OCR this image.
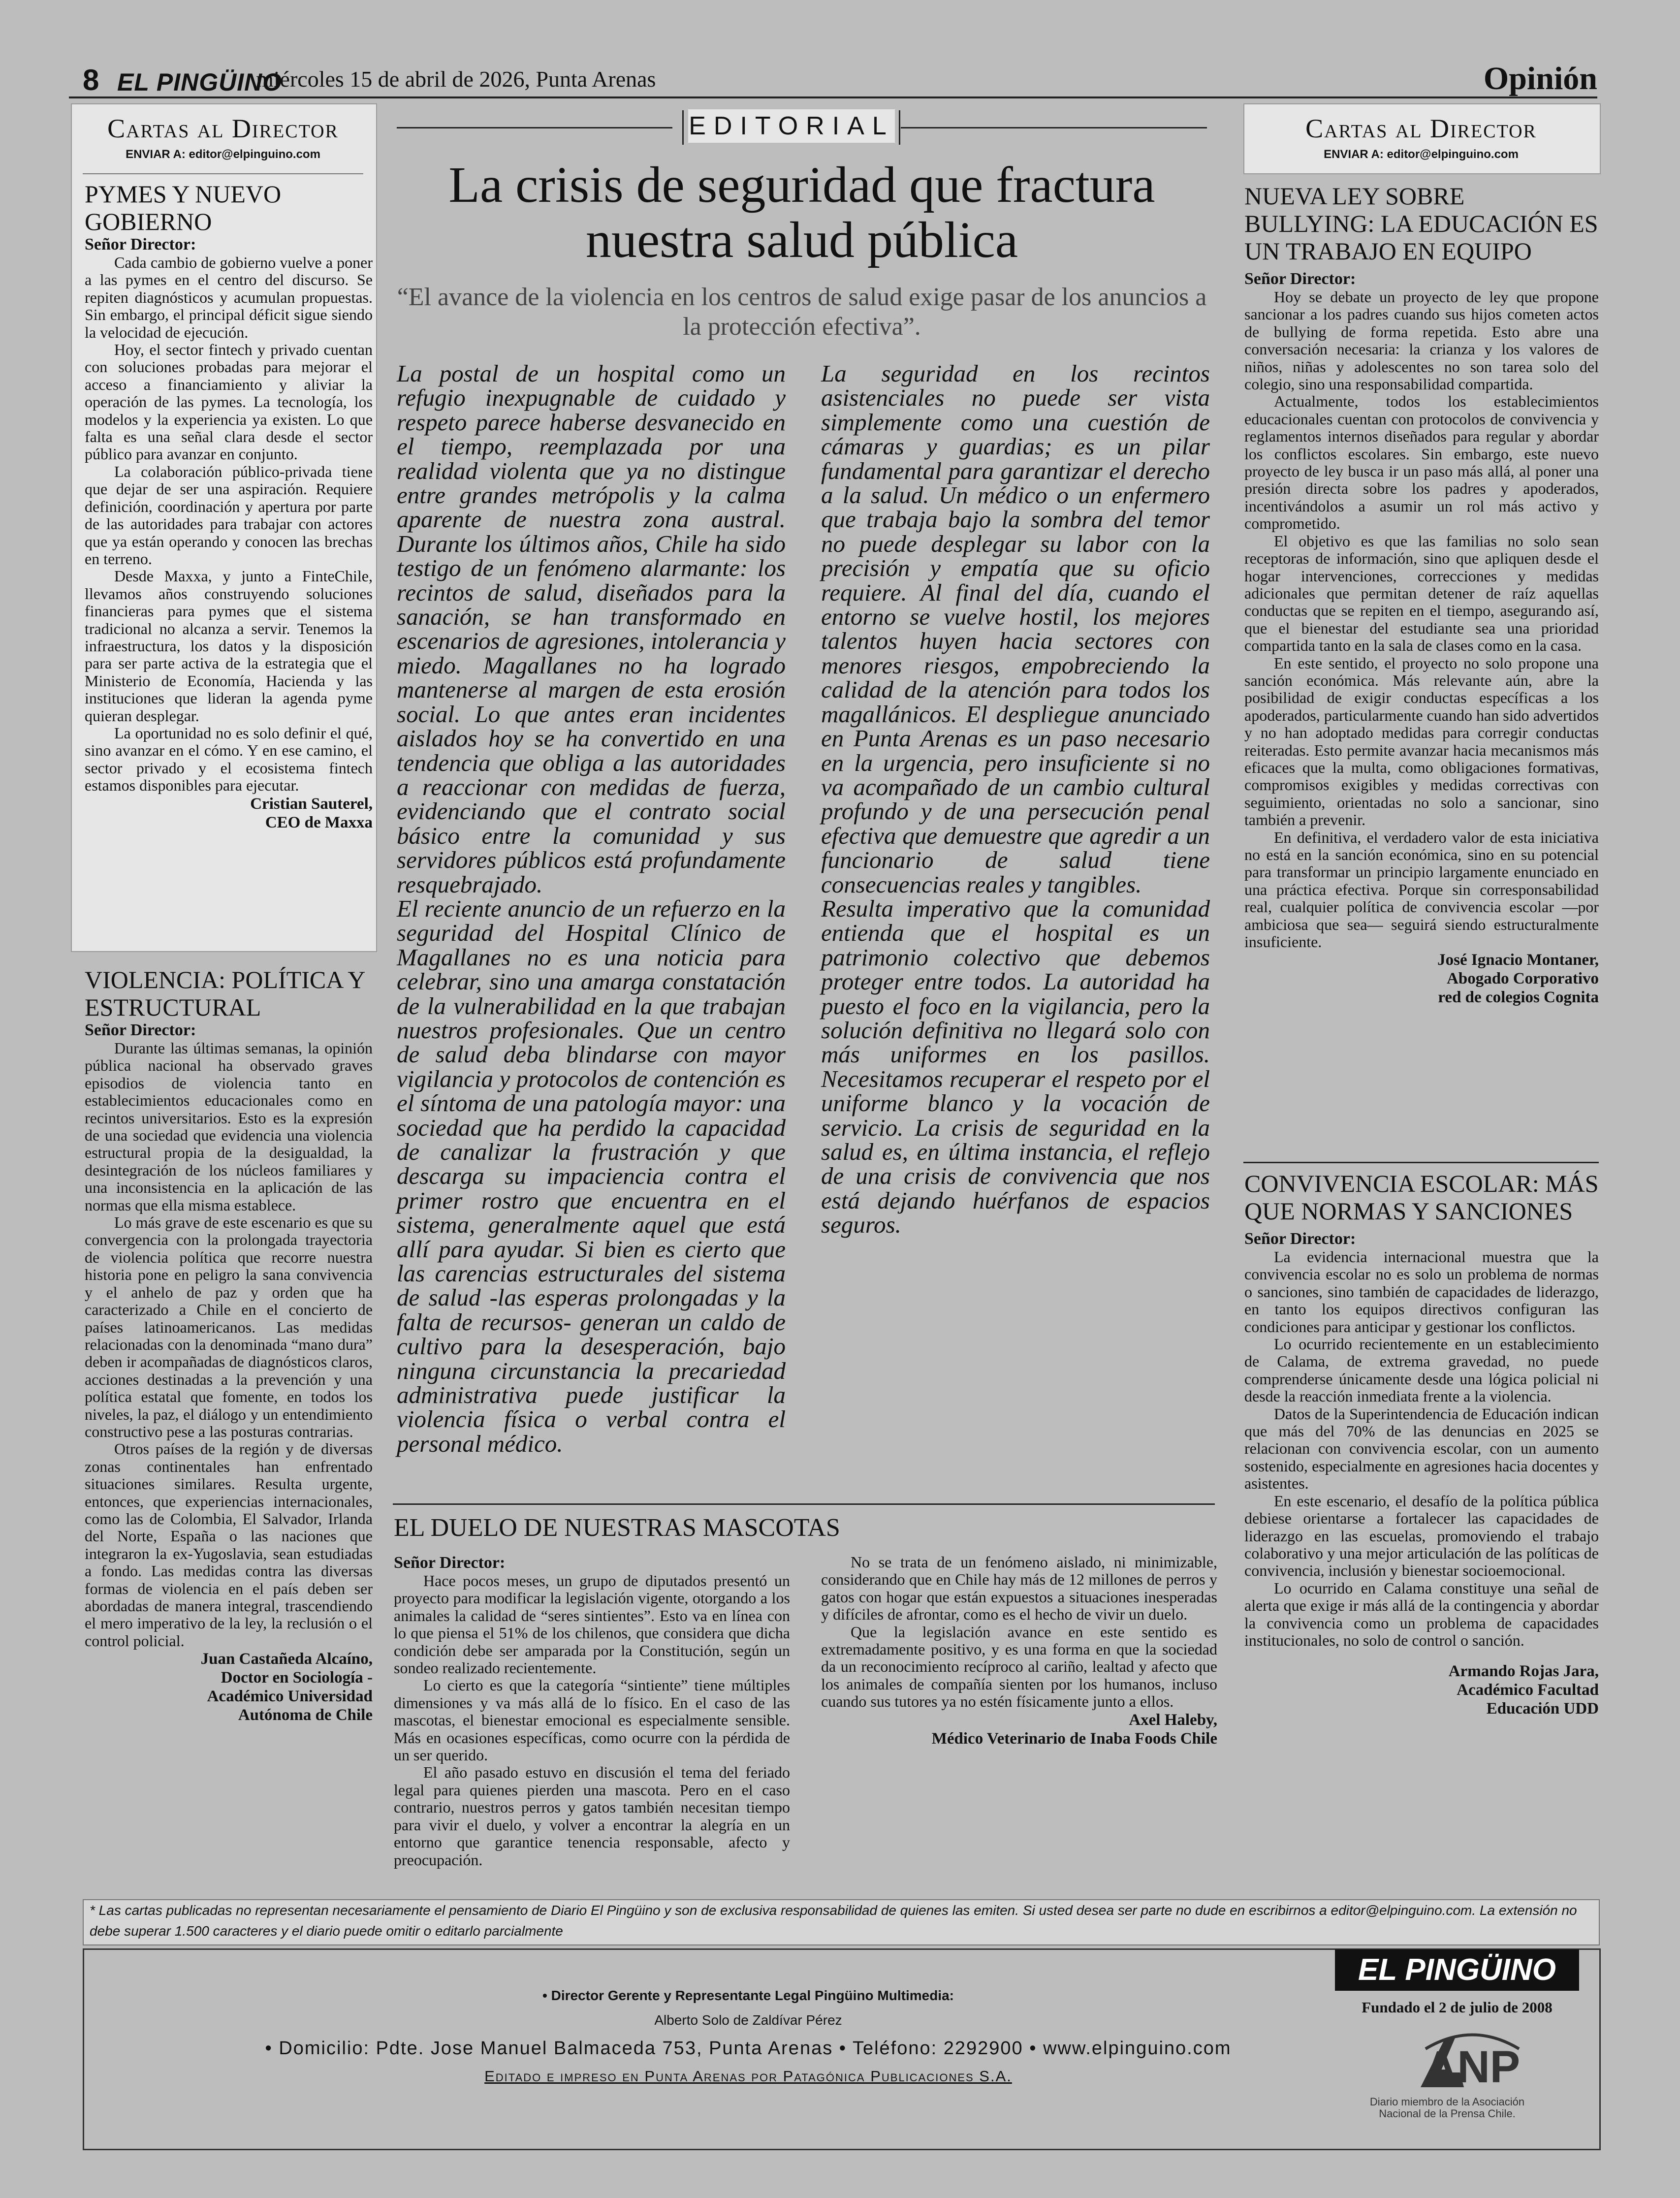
8 EL PINGÜINO
miércoles 15 de abril de 2026, Punta Arenas	Opinión
Cartas al Director
ENVIAR A: editor@elpinguino.com
PYMES Y NUEVO GOBIERNO
Señor Director:

Cada cambio de gobierno vuelve a poner a las pymes en el centro del discurso. Se repiten diagnósticos y acumulan propuestas. Sin embargo, el principal déficit sigue siendo la velocidad de ejecución.

Hoy, el sector fintech y privado cuentan con soluciones probadas para mejorar el acceso a financiamiento y aliviar la operación de las pymes. La tecnología, los modelos y la experiencia ya existen. Lo que falta es una señal clara desde el sector público para avanzar en conjunto.

La colaboración público-privada tiene que dejar de ser una aspiración. Requiere definición, coordinación y apertura por parte de las autoridades para trabajar con actores que ya están operando y conocen las brechas en terreno.

Desde Maxxa, y junto a FinteChile, llevamos años construyendo soluciones financieras para pymes que el sistema tradicional no alcanza a servir. Tenemos la infraestructura, los datos y la disposición para ser parte activa de la estrategia que el Ministerio de Economía, Hacienda y las instituciones que lideran la agenda pyme quieran desplegar.

La oportunidad no es solo definir el qué, sino avanzar en el cómo. Y en ese camino, el sector privado y el ecosistema fintech estamos disponibles para ejecutar.

Cristian Sauterel,
CEO de Maxxa
VIOLENCIA: POLÍTICA Y ESTRUCTURAL
Señor Director:

Durante las últimas semanas, la opinión pública nacional ha observado graves episodios de violencia tanto en establecimientos educacionales como en recintos universitarios. Esto es la expresión de una sociedad que evidencia una violencia estructural propia de la desigualdad, la desintegración de los núcleos familiares y una inconsistencia en la aplicación de las normas que ella misma establece.

Lo más grave de este escenario es que su convergencia con la prolongada trayectoria de violencia política que recorre nuestra historia pone en peligro la sana convivencia y el anhelo de paz y orden que ha caracterizado a Chile en el concierto de países latinoamericanos. Las medidas relacionadas con la denominada “mano dura” deben ir acompañadas de diagnósticos claros, acciones destinadas a la prevención y una política estatal que fomente, en todos los niveles, la paz, el diálogo y un entendimiento constructivo pese a las posturas contrarias.

Otros países de la región y de diversas zonas continentales han enfrentado situaciones similares. Resulta urgente, entonces, que experiencias internacionales, como las de Colombia, El Salvador, Irlanda del Norte, España o las naciones que integraron la ex-Yugoslavia, sean estudiadas a fondo. Las medidas contra las diversas formas de violencia en el país deben ser abordadas de manera integral, trascendiendo el mero imperativo de la ley, la reclusión o el control policial.

Juan Castañeda Alcaíno,
Doctor en Sociología -
Académico Universidad
Autónoma de Chile
EDITORIAL
La crisis de seguridad que fractura nuestra salud pública
“El avance de la violencia en los centros de salud exige pasar de los anuncios a la protección efectiva”.

La postal de un hospital como un refugio inexpugnable de cuidado y respeto parece haberse desvanecido en el tiempo, reemplazada por una realidad violenta que ya no distingue entre grandes metrópolis y la calma aparente de nuestra zona austral. Durante los últimos años, Chile ha sido testigo de un fenómeno alarmante: los recintos de salud, diseñados para la sanación, se han transformado en escenarios de agresiones, intolerancia y miedo. Magallanes no ha logrado mantenerse al margen de esta erosión social. Lo que antes eran incidentes aislados hoy se ha convertido en una tendencia que obliga a las autoridades a reaccionar con medidas de fuerza, evidenciando que el contrato social básico entre la comunidad y sus servidores públicos está profundamente resquebrajado.

El reciente anuncio de un refuerzo en la seguridad del Hospital Clínico de Magallanes no es una noticia para celebrar, sino una amarga constatación de la vulnerabilidad en la que trabajan nuestros profesionales. Que un centro de salud deba blindarse con mayor vigilancia y protocolos de contención es el síntoma de una patología mayor: una sociedad que ha perdido la capacidad de canalizar la frustración y que descarga su impaciencia contra el primer rostro que encuentra en el sistema, generalmente aquel que está allí para ayudar. Si bien es cierto que las carencias estructurales del sistema de salud -las esperas prolongadas y la falta de recursos- generan un caldo de cultivo para la desesperación, bajo ninguna circunstancia la precariedad administrativa puede justificar la violencia física o verbal contra el personal médico.

La seguridad en los recintos asistenciales no puede ser vista simplemente como una cuestión de cámaras y guardias; es un pilar fundamental para garantizar el derecho a la salud. Un médico o un enfermero que trabaja bajo la sombra del temor no puede desplegar su labor con la precisión y empatía que su oficio requiere. Al final del día, cuando el entorno se vuelve hostil, los mejores talentos huyen hacia sectores con menores riesgos, empobreciendo la calidad de la atención para todos los magallánicos. El despliegue anunciado en Punta Arenas es un paso necesario en la urgencia, pero insuficiente si no va acompañado de un cambio cultural profundo y de una persecución penal efectiva que demuestre que agredir a un funcionario de salud tiene consecuencias reales y tangibles.

Resulta imperativo que la comunidad entienda que el hospital es un patrimonio colectivo que debemos proteger entre todos. La autoridad ha puesto el foco en la vigilancia, pero la solución definitiva no llegará solo con más uniformes en los pasillos. Necesitamos recuperar el respeto por el uniforme blanco y la vocación de servicio. La crisis de seguridad en la salud es, en última instancia, el reflejo de una crisis de convivencia que nos está dejando huérfanos de espacios seguros.

EL DUELO DE NUESTRAS MASCOTAS
Señor Director:

Hace pocos meses, un grupo de diputados presentó un proyecto para modificar la legislación vigente, otorgando a los animales la calidad de “seres sintientes”. Esto va en línea con lo que piensa el 51% de los chilenos, que considera que dicha condición debe ser amparada por la Constitución, según un sondeo realizado recientemente.

Lo cierto es que la categoría “sintiente” tiene múltiples dimensiones y va más allá de lo físico. En el caso de las mascotas, el bienestar emocional es especialmente sensible. Más en ocasiones específicas, como ocurre con la pérdida de un ser querido.

El año pasado estuvo en discusión el tema del feriado legal para quienes pierden una mascota. Pero en el caso contrario, nuestros perros y gatos también necesitan tiempo para vivir el duelo, y volver a encontrar la alegría en un entorno que garantice tenencia responsable, afecto y preocupación.

No se trata de un fenómeno aislado, ni minimizable, considerando que en Chile hay más de 12 millones de perros y gatos con hogar que están expuestos a situaciones inesperadas y difíciles de afrontar, como es el hecho de vivir un duelo.

Que la legislación avance en este sentido es extremadamente positivo, y es una forma en que la sociedad da un reconocimiento recíproco al cariño, lealtad y afecto que los animales de compañía sienten por los humanos, incluso cuando sus tutores ya no estén físicamente junto a ellos.

Axel Haleby,
Médico Veterinario de Inaba Foods Chile
Cartas al Director
ENVIAR A: editor@elpinguino.com
NUEVA LEY SOBRE BULLYING: LA EDUCACIÓN ES UN TRABAJO EN EQUIPO
Señor Director:

Hoy se debate un proyecto de ley que propone sancionar a los padres cuando sus hijos cometen actos de bullying de forma repetida. Esto abre una conversación necesaria: la crianza y los valores de niños, niñas y adolescentes no son tarea solo del colegio, sino una responsabilidad compartida.

Actualmente, todos los establecimientos educacionales cuentan con protocolos de convivencia y reglamentos internos diseñados para regular y abordar los conflictos escolares. Sin embargo, este nuevo proyecto de ley busca ir un paso más allá, al poner una presión directa sobre los padres y apoderados, incentivándolos a asumir un rol más activo y comprometido.

El objetivo es que las familias no solo sean receptoras de información, sino que apliquen desde el hogar intervenciones, correcciones y medidas adicionales que permitan detener de raíz aquellas conductas que se repiten en el tiempo, asegurando así, que el bienestar del estudiante sea una prioridad compartida tanto en la sala de clases como en la casa.

En este sentido, el proyecto no solo propone una sanción económica. Más relevante aún, abre la posibilidad de exigir conductas específicas a los apoderados, particularmente cuando han sido advertidos y no han adoptado medidas para corregir conductas reiteradas. Esto permite avanzar hacia mecanismos más eficaces que la multa, como obligaciones formativas, compromisos exigibles y medidas correctivas con seguimiento, orientadas no solo a sancionar, sino también a prevenir.

En definitiva, el verdadero valor de esta iniciativa no está en la sanción económica, sino en su potencial para transformar un principio largamente enunciado en una práctica efectiva. Porque sin corresponsabilidad real, cualquier política de convivencia escolar —por ambiciosa que sea— seguirá siendo estructuralmente insuficiente.

José Ignacio Montaner,
Abogado Corporativo
red de colegios Cognita
CONVIVENCIA ESCOLAR: MÁS QUE NORMAS Y SANCIONES
Señor Director:

La evidencia internacional muestra que la convivencia escolar no es solo un problema de normas o sanciones, sino también de capacidades de liderazgo, en tanto los equipos directivos configuran las condiciones para anticipar y gestionar los conflictos.

Lo ocurrido recientemente en un establecimiento de Calama, de extrema gravedad, no puede comprenderse únicamente desde una lógica policial ni desde la reacción inmediata frente a la violencia.

Datos de la Superintendencia de Educación indican que más del 70% de las denuncias en 2025 se relacionan con convivencia escolar, con un aumento sostenido, especialmente en agresiones hacia docentes y asistentes.

En este escenario, el desafío de la política pública debiese orientarse a fortalecer las capacidades de liderazgo en las escuelas, promoviendo el trabajo colaborativo y una mejor articulación de las políticas de convivencia, inclusión y bienestar socioemocional.

Lo ocurrido en Calama constituye una señal de alerta que exige ir más allá de la contingencia y abordar la convivencia como un problema de capacidades institucionales, no solo de control o sanción.

Armando Rojas Jara,
Académico Facultad
Educación UDD
* Las cartas publicadas no representan necesariamente el pensamiento de Diario El Pingüino y son de exclusiva responsabilidad de quienes las emiten. Si usted desea ser parte no dude en escribirnos a editor@elpinguino.com. La extensión no debe superar 1.500 caracteres y el diario puede omitir o editarlo parcialmente
• Director Gerente y Representante Legal Pingüino Multimedia:
Alberto Solo de Zaldívar Pérez
• Domicilio: Pdte. Jose Manuel Balmaceda 753, Punta Arenas • Teléfono: 2292900 • www.elpinguino.com
Editado e impreso en Punta Arenas por Patagónica Publicaciones S.A.
EL PINGÜINO
Fundado el 2 de julio de 2008
ANP
Diario miembro de la Asociación Nacional de la Prensa Chile.
